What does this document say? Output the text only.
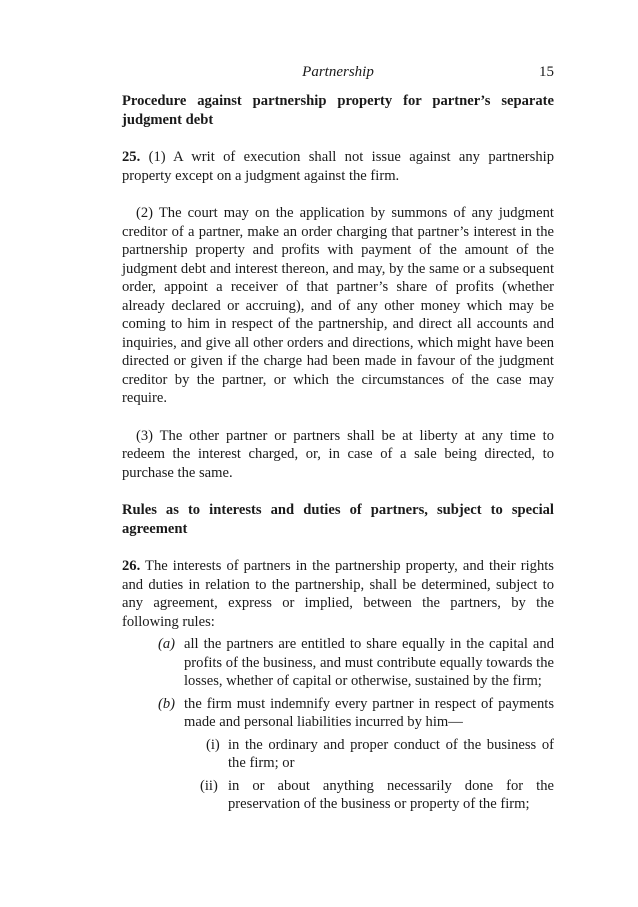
Partnership	15
Procedure against partnership property for partner’s separate judgment debt

25. (1) A writ of execution shall not issue against any partnership property except on a judgment against the firm.

(2) The court may on the application by summons of any judgment creditor of a partner, make an order charging that partner’s interest in the partnership property and profits with payment of the amount of the judgment debt and interest thereon, and may, by the same or a subsequent order, appoint a receiver of that partner’s share of profits (whether already declared or accruing), and of any other money which may be coming to him in respect of the partnership, and direct all accounts and inquiries, and give all other orders and directions, which might have been directed or given if the charge had been made in favour of the judgment creditor by the partner, or which the circumstances of the case may require.

(3) The other partner or partners shall be at liberty at any time to redeem the interest charged, or, in case of a sale being directed, to purchase the same.

Rules as to interests and duties of partners, subject to special agreement

26. The interests of partners in the partnership property, and their rights and duties in relation to the partnership, shall be determined, subject to any agreement, express or implied, between the partners, by the following rules:

(a) all the partners are entitled to share equally in the capital and profits of the business, and must contribute equally towards the losses, whether of capital or otherwise, sustained by the firm;
(b) the firm must indemnify every partner in respect of payments made and personal liabilities incurred by him—
(i) in the ordinary and proper conduct of the business of the firm; or
(ii) in or about anything necessarily done for the preservation of the business or property of the firm;
